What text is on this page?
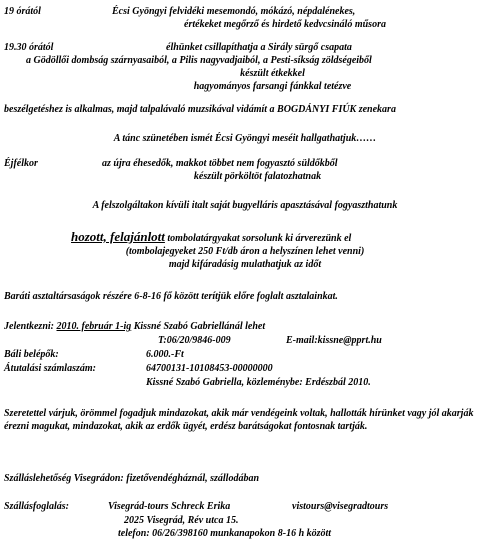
19 órától	Écsi Gyöngyi felvidéki mesemondó, mókázó, népdalénekes,
értékeket megőrző és hirdető kedvcsináló műsora
19.30 órától	élhünket csillapíthatja a Sirály sürgő csapata
a Gödöllői dombság szárnyasaiból, a Pilis nagyvadjaiból, a Pesti-síkság zöldségeiből
készült étkekkel
hagyományos farsangi fánkkal tetézve
beszélgetéshez is alkalmas, majd talpalávaló muzsikával vidámít a BOGDÁNYI FIÚK zenekara
A tánc szünetében ismét Écsi Gyöngyi meséit hallgathatjuk……
Éjfélkor	az újra éhesedők, makkot többet nem fogyasztó süldőkből
készült pörköltöt falatozhatnak
A felszolgáltakon kívüli italt saját bugyelláris apasztásával fogyaszthatunk
hozott, felajánlott tombolatárgyakat sorsolunk ki árverezünk el
(tombolajegyeket 250 Ft/db áron a helyszínen lehet venni)
majd kifáradásig mulathatjuk az időt
Baráti asztaltársaságok részére 6-8-16 fő között terítjük előre foglalt asztalainkat.
Jelentkezni: 2010. február 1-ig Kissné Szabó Gabriellánál lehet
T:06/20/9846-009	E-mail:kissne@pprt.hu
Báli belépők:	6.000.-Ft
Átutalási számlaszám:	64700131-10108453-00000000
Kissné Szabó Gabriella, közleménybe: Erdészbál 2010.
Szeretettel várjuk, örömmel fogadjuk mindazokat, akik már vendégeink voltak, hallották hírünket vagy jól akarják érezni magukat, mindazokat, akik az erdők ügyét, erdész barátságokat fontosnak tartják.
Szálláslehetőség Visegrádon: fizetővendégháznál, szállodában
Szállásfoglalás:	Visegrád-tours Schreck Erika	vistours@visegradtours
2025 Visegrád, Rév utca 15.
telefon: 06/26/398160 munkanapokon 8-16 h között
